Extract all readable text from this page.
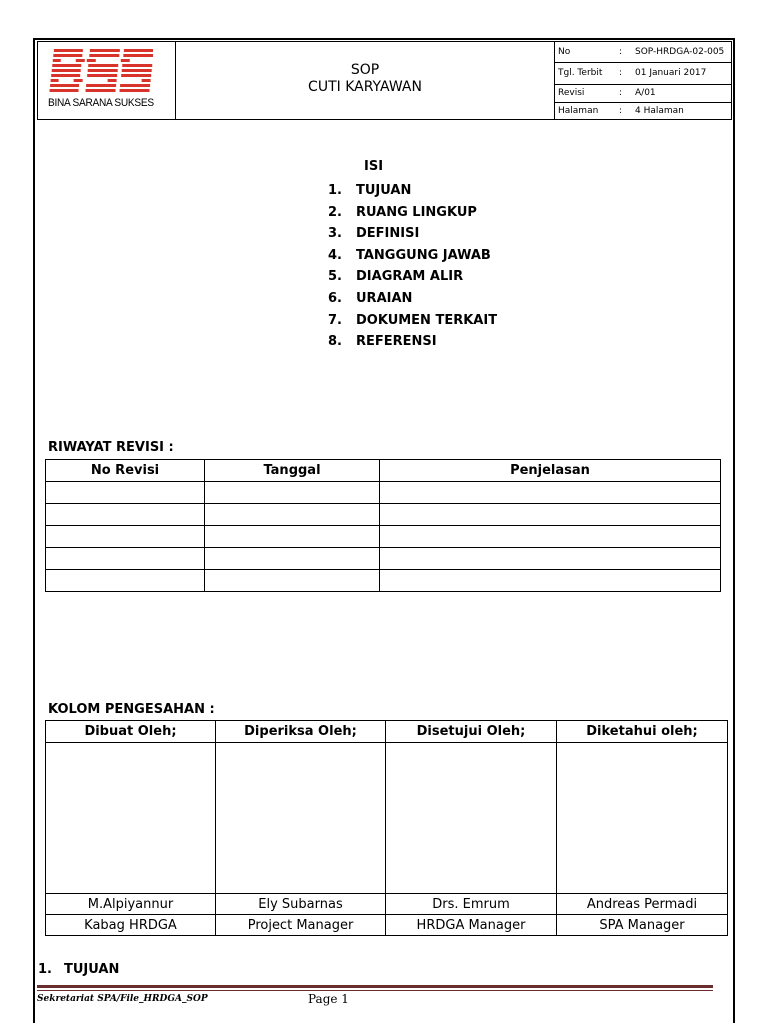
BINA SARANA SUKSES
SOP
CUTI KARYAWAN
No	:	SOP-HRDGA-02-005
Tgl. Terbit	:	01 Januari 2017
Revisi	:	A/01
Halaman	:	4 Halaman
ISI
1. TUJUAN
2. RUANG LINGKUP
3. DEFINISI
4. TANGGUNG JAWAB
5. DIAGRAM ALIR
6. URAIAN
7. DOKUMEN TERKAIT
8. REFERENSI
RIWAYAT REVISI :
No Revisi	Tanggal	Penjelasan

KOLOM PENGESAHAN :
Dibuat Oleh;	Diperiksa Oleh;	Disetujui Oleh;	Diketahui oleh;

M.Alpiyannur	Ely Subarnas	Drs. Emrum	Andreas Permadi
Kabag HRDGA	Project Manager	HRDGA Manager	SPA Manager
1. TUJUAN
Sekretariat SPA/File_HRDGA_SOP	Page 1
